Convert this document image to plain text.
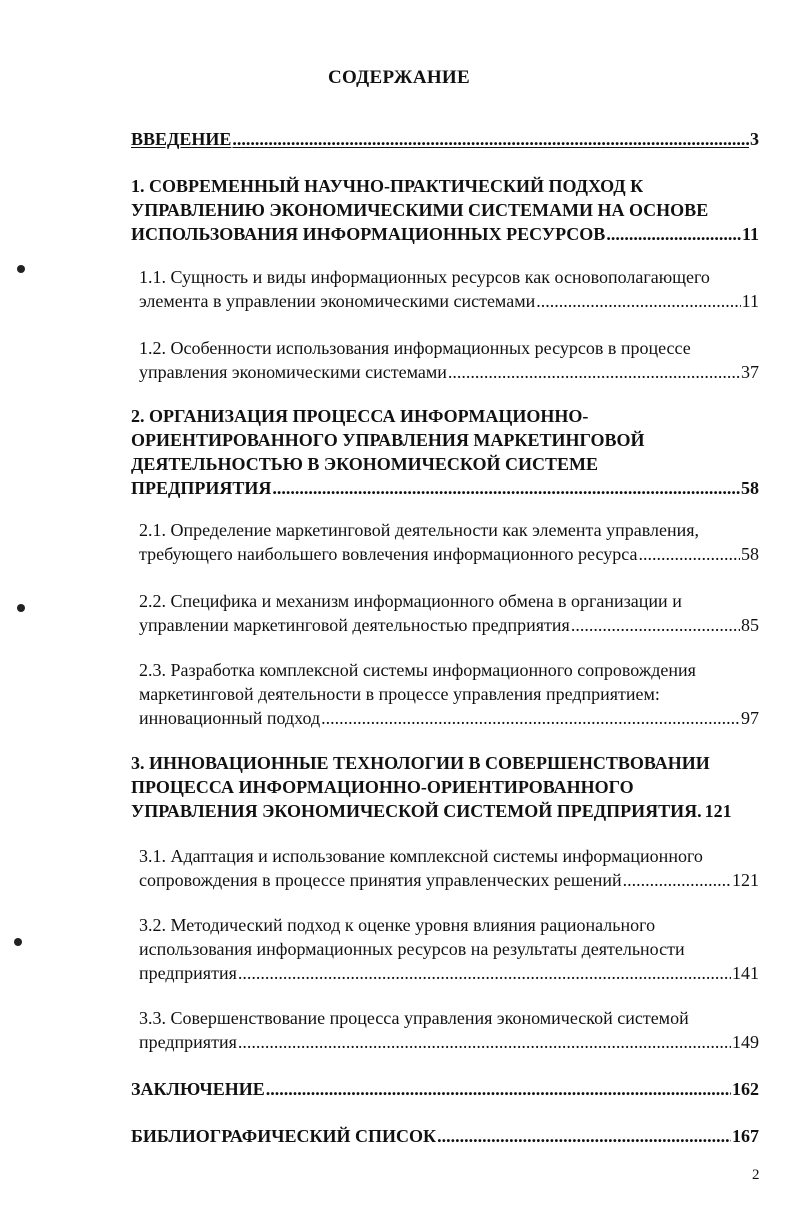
СОДЕРЖАНИЕ
ВВЕДЕНИЕ .....	3
1. СОВРЕМЕННЫЙ НАУЧНО-ПРАКТИЧЕСКИЙ ПОДХОД К
УПРАВЛЕНИЮ ЭКОНОМИЧЕСКИМИ СИСТЕМАМИ НА ОСНОВЕ
ИСПОЛЬЗОВАНИЯ ИНФОРМАЦИОННЫХ РЕСУРСОВ .....	11
1.1. Сущность и виды информационных ресурсов как основополагающего
элемента в управлении экономическими системами .....	11
1.2. Особенности использования информационных ресурсов в процессе
управления экономическими системами .....	37
2. ОРГАНИЗАЦИЯ ПРОЦЕССА ИНФОРМАЦИОННО-
ОРИЕНТИРОВАННОГО УПРАВЛЕНИЯ МАРКЕТИНГОВОЙ
ДЕЯТЕЛЬНОСТЬЮ В ЭКОНОМИЧЕСКОЙ СИСТЕМЕ
ПРЕДПРИЯТИЯ .....	58
2.1. Определение маркетинговой деятельности как элемента управления,
требующего наибольшего вовлечения информационного ресурса .....	58
2.2. Специфика и механизм информационного обмена в организации и
управлении маркетинговой деятельностью предприятия .....	85
2.3. Разработка комплексной системы информационного сопровождения
маркетинговой деятельности в процессе управления предприятием:
инновационный подход .....	97
3. ИННОВАЦИОННЫЕ ТЕХНОЛОГИИ В СОВЕРШЕНСТВОВАНИИ
ПРОЦЕССА ИНФОРМАЦИОННО-ОРИЕНТИРОВАННОГО
УПРАВЛЕНИЯ ЭКОНОМИЧЕСКОЙ СИСТЕМОЙ ПРЕДПРИЯТИЯ. 121
3.1. Адаптация и использование комплексной системы информационного
сопровождения в процессе принятия управленческих решений .....	121
3.2. Методический подход к оценке уровня влияния рационального
использования информационных ресурсов на результаты деятельности
предприятия .....	141
3.3. Совершенствование процесса управления экономической системой
предприятия .....	149
ЗАКЛЮЧЕНИЕ .....	162
БИБЛИОГРАФИЧЕСКИЙ СПИСОК .....	167
2
